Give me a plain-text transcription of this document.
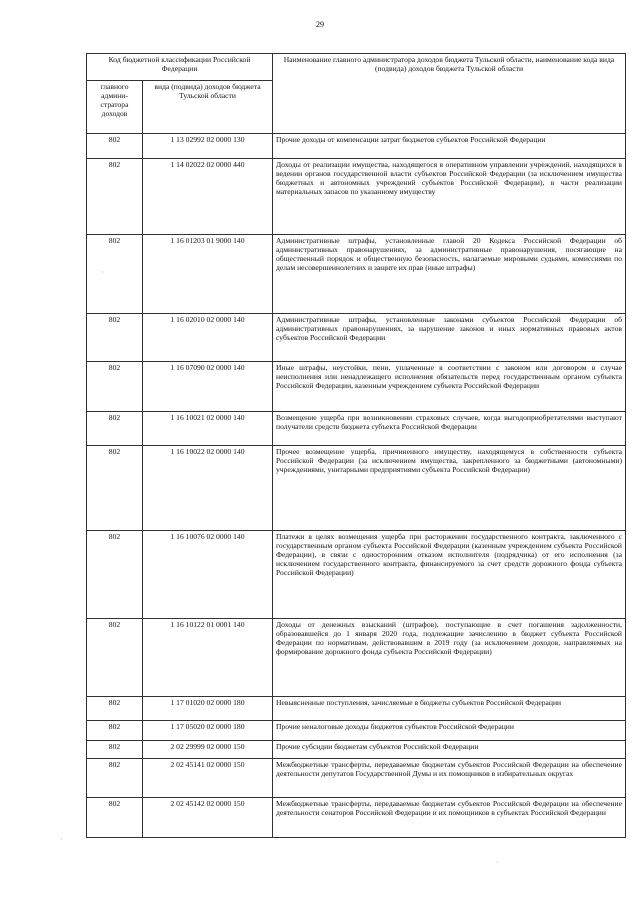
29
Код бюджетной классификации Российской Федерации		Наименование главного администратора доходов бюджета Тульской области, наименование кода вида (подвида) доходов бюджета Тульской области
главного админи-стратора доходов	вида (подвида) доходов бюджета Тульской области	
802	1 13 02992 02 0000 130	Прочие доходы от компенсации затрат бюджетов субъектов Российской Федерации
802	1 14 02022 02 0000 440	Доходы от реализации имущества, находящегося в оперативном управлении учреждений, находящихся в ведении органов государственной власти субъектов Российской Федерации (за исключением имущества бюджетных и автономных учреждений субъектов Российской Федерации), в части реализации материальных запасов по указанному имуществу
802	1 16 01203 01 9000 140	Административные штрафы, установленные главой 20 Кодекса Российской Федерации об административных правонарушениях, за административные правонарушения, посягающие на общественный порядок и общественную безопасность, налагаемые мировыми судьями, комиссиями по делам несовершеннолетних и защите их прав (иные штрафы)
802	1 16 02010 02 0000 140	Административные штрафы, установленные законами субъектов Российской Федерации об административных правонарушениях, за нарушение законов и иных нормативных правовых актов субъектов Российской Федерации
802	1 16 07090 02 0000 140	Иные штрафы, неустойки, пени, уплаченные в соответствии с законом или договором в случае неисполнения или ненадлежащего исполнения обязательств перед государственным органом субъекта Российской Федерации, казенным учреждением субъекта Российской Федерации
802	1 16 10021 02 0000 140	Возмещение ущерба при возникновении страховых случаев, когда выгодоприобретателями выступают получатели средств бюджета субъекта Российской Федерации
802	1 16 10022 02 0000 140	Прочее возмещение ущерба, причиненного имуществу, находящемуся в собственности субъекта Российской Федерации (за исключением имущества, закрепленного за бюджетными (автономными) учреждениями, унитарными предприятиями субъекта Российской Федерации)
802	1 16 10076 02 0000 140	Платежи в целях возмещения ущерба при расторжении государственного контракта, заключенного с государственным органом субъекта Российской Федерации (казенным учреждением субъекта Российской Федерации), в связи с односторонним отказом исполнителя (подрядчика) от его исполнения (за исключением государственного контракта, финансируемого за счет средств дорожного фонда субъекта Российской Федерации)
802	1 16 10122 01 0001 140	Доходы от денежных взысканий (штрафов), поступающие в счет погашения задолженности, образовавшейся до 1 января 2020 года, подлежащие зачислению в бюджет субъекта Российской Федерации по нормативам, действовавшим в 2019 году (за исключением доходов, направляемых на формирование дорожного фонда субъекта Российской Федерации)
802	1 17 01020 02 0000 180	Невыясненные поступления, зачисляемые в бюджеты субъектов Российской Федерации
802	1 17 05020 02 0000 180	Прочие неналоговые доходы бюджетов субъектов Российской Федерации
802	2 02 29999 02 0000 150	Прочие субсидии бюджетам субъектов Российской Федерации
802	2 02 45141 02 0000 150	Межбюджетные трансферты, передаваемые бюджетам субъектов Российской Федерации на обеспечение деятельности депутатов Государственной Думы и их помощников в избирательных округах
802	2 02 45142 02 0000 150	Межбюджетные трансферты, передаваемые бюджетам субъектов Российской Федерации на обеспечение деятельности сенаторов Российской Федерации и их помощников в субъектах Российской Федерации
·
·
·
